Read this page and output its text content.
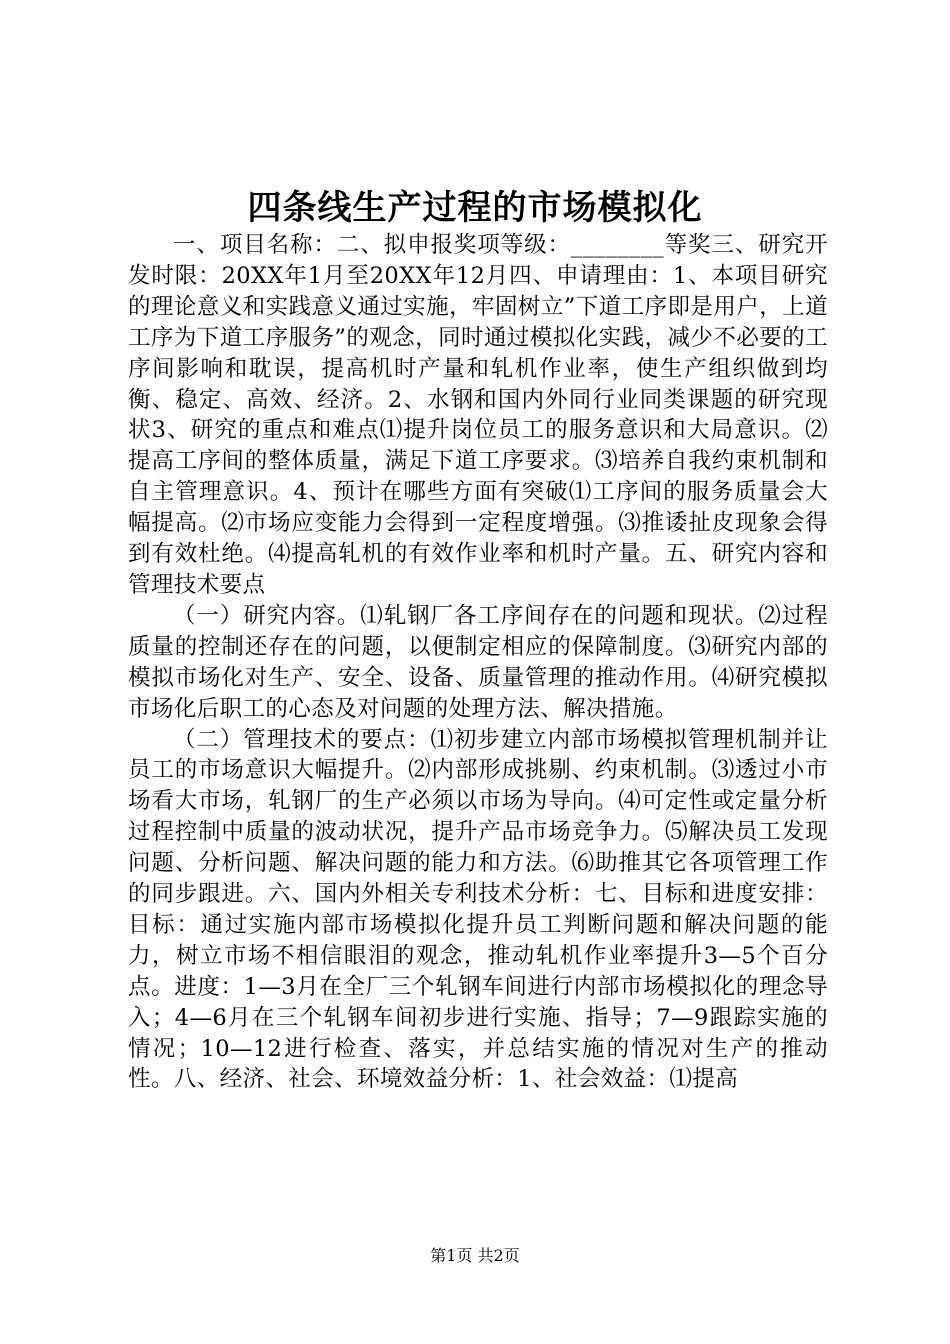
四条线生产过程的市场模拟化

一、项目名称：二、拟申报奖项等级：________等奖三、研究开发时限：20XX年1月至20XX年12月四、申请理由：1、本项目研究的理论意义和实践意义通过实施，牢固树立”下道工序即是用户，上道工序为下道工序服务”的观念，同时通过模拟化实践，减少不必要的工序间影响和耽误，提高机时产量和轧机作业率，使生产组织做到均衡、稳定、高效、经济。2、水钢和国内外同行业同类课题的研究现状3、研究的重点和难点⑴提升岗位员工的服务意识和大局意识。⑵提高工序间的整体质量，满足下道工序要求。⑶培养自我约束机制和自主管理意识。4、预计在哪些方面有突破⑴工序间的服务质量会大幅提高。⑵市场应变能力会得到一定程度增强。⑶推诿扯皮现象会得到有效杜绝。⑷提高轧机的有效作业率和机时产量。五、研究内容和管理技术要点

（一）研究内容。⑴轧钢厂各工序间存在的问题和现状。⑵过程质量的控制还存在的问题，以便制定相应的保障制度。⑶研究内部的模拟市场化对生产、安全、设备、质量管理的推动作用。⑷研究模拟市场化后职工的心态及对问题的处理方法、解决措施。

（二）管理技术的要点：⑴初步建立内部市场模拟管理机制并让员工的市场意识大幅提升。⑵内部形成挑剔、约束机制。⑶透过小市场看大市场，轧钢厂的生产必须以市场为导向。⑷可定性或定量分析过程控制中质量的波动状况，提升产品市场竞争力。⑸解决员工发现问题、分析问题、解决问题的能力和方法。⑹助推其它各项管理工作的同步跟进。六、国内外相关专利技术分析：七、目标和进度安排：目标：通过实施内部市场模拟化提升员工判断问题和解决问题的能力，树立市场不相信眼泪的观念，推动轧机作业率提升3—5个百分点。进度：1—3月在全厂三个轧钢车间进行内部市场模拟化的理念导入；4—6月在三个轧钢车间初步进行实施、指导；7—9跟踪实施的情况；10—12进行检查、落实，并总结实施的情况对生产的推动性。八、经济、社会、环境效益分析：1、社会效益：⑴提高

第1页 共2页
